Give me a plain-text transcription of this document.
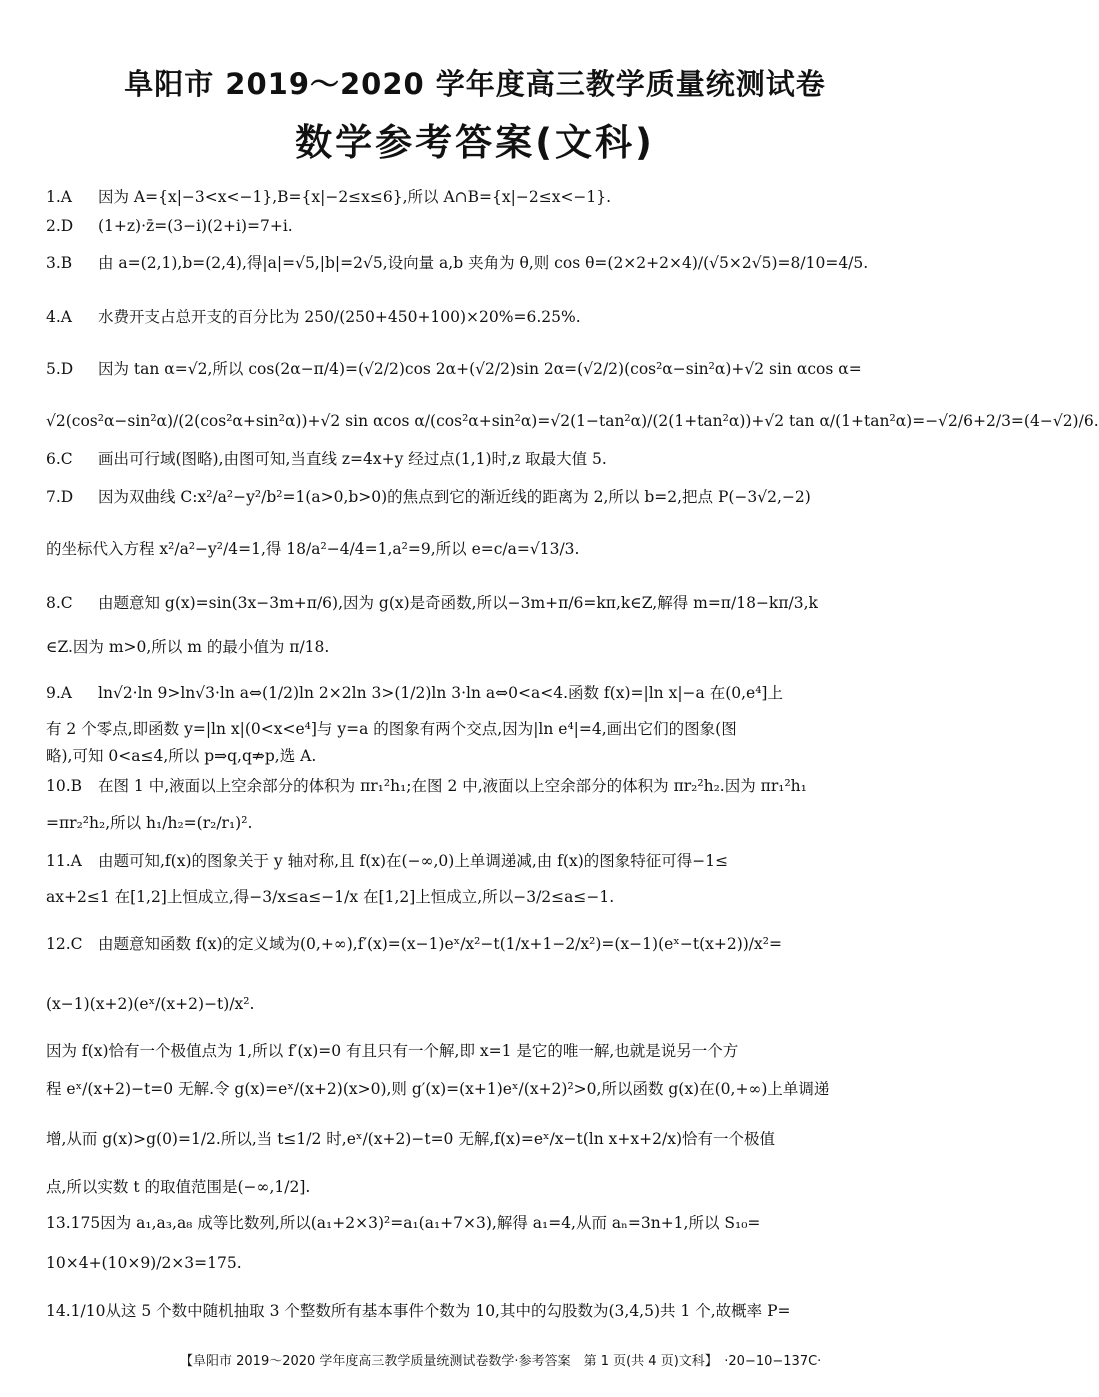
阜阳市 2019～2020 学年度高三教学质量统测试卷
数学参考答案(文科)
1.A 因为 A={x|−3<x<−1},B={x|−2≤x≤6},所以 A∩B={x|−2≤x<−1}.
2.D (1+z)·z̄=(3−i)(2+i)=7+i.
3.B 由 a=(2,1),b=(2,4),得|a|=√5,|b|=2√5,设向量 a,b 夹角为 θ,则 cos θ=(2×2+2×4)/(√5×2√5)=8/10=4/5.
4.A 水费开支占总开支的百分比为 250/(250+450+100)×20%=6.25%.
5.D 因为 tan α=√2,所以 cos(2α−π/4)=(√2/2)cos 2α+(√2/2)sin 2α=(√2/2)(cos²α−sin²α)+√2 sin αcos α=
√2(cos²α−sin²α)/(2(cos²α+sin²α))+√2 sin αcos α/(cos²α+sin²α)=√2(1−tan²α)/(2(1+tan²α))+√2 tan α/(1+tan²α)=−√2/6+2/3=(4−√2)/6.
6.C 画出可行域(图略),由图可知,当直线 z=4x+y 经过点(1,1)时,z 取最大值 5.
7.D 因为双曲线 C:x²/a²−y²/b²=1(a>0,b>0)的焦点到它的渐近线的距离为 2,所以 b=2,把点 P(−3√2,−2)
的坐标代入方程 x²/a²−y²/4=1,得 18/a²−4/4=1,a²=9,所以 e=c/a=√13/3.
8.C 由题意知 g(x)=sin(3x−3m+π/6),因为 g(x)是奇函数,所以−3m+π/6=kπ,k∈Z,解得 m=π/18−kπ/3,k
∈Z.因为 m>0,所以 m 的最小值为 π/18.
9.A ln√2·ln 9>ln√3·ln a⇔(1/2)ln 2×2ln 3>(1/2)ln 3·ln a⇔0<a<4.函数 f(x)=|ln x|−a 在(0,e⁴]上
有 2 个零点,即函数 y=|ln x|(0<x<e⁴]与 y=a 的图象有两个交点,因为|ln e⁴|=4,画出它们的图象(图
略),可知 0<a≤4,所以 p⇒q,q⇏p,选 A.
10.B 在图 1 中,液面以上空余部分的体积为 πr₁²h₁;在图 2 中,液面以上空余部分的体积为 πr₂²h₂.因为 πr₁²h₁
=πr₂²h₂,所以 h₁/h₂=(r₂/r₁)².
11.A 由题可知,f(x)的图象关于 y 轴对称,且 f(x)在(−∞,0)上单调递减,由 f(x)的图象特征可得−1≤
ax+2≤1 在[1,2]上恒成立,得−3/x≤a≤−1/x 在[1,2]上恒成立,所以−3/2≤a≤−1.
12.C 由题意知函数 f(x)的定义域为(0,+∞),f′(x)=(x−1)eˣ/x²−t(1/x+1−2/x²)=(x−1)(eˣ−t(x+2))/x²=
(x−1)(x+2)(eˣ/(x+2)−t)/x².
因为 f(x)恰有一个极值点为 1,所以 f′(x)=0 有且只有一个解,即 x=1 是它的唯一解,也就是说另一个方
程 eˣ/(x+2)−t=0 无解.令 g(x)=eˣ/(x+2)(x>0),则 g′(x)=(x+1)eˣ/(x+2)²>0,所以函数 g(x)在(0,+∞)上单调递
增,从而 g(x)>g(0)=1/2.所以,当 t≤1/2 时,eˣ/(x+2)−t=0 无解,f(x)=eˣ/x−t(ln x+x+2/x)恰有一个极值
点,所以实数 t 的取值范围是(−∞,1/2].
13.175因为 a₁,a₃,a₈ 成等比数列,所以(a₁+2×3)²=a₁(a₁+7×3),解得 a₁=4,从而 aₙ=3n+1,所以 S₁₀=
10×4+(10×9)/2×3=175.
14.1/10从这 5 个数中随机抽取 3 个整数所有基本事件个数为 10,其中的勾股数为(3,4,5)共 1 个,故概率 P=
【阜阳市 2019～2020 学年度高三教学质量统测试卷数学·参考答案　第 1 页(共 4 页)文科】　·20−10−137C·
